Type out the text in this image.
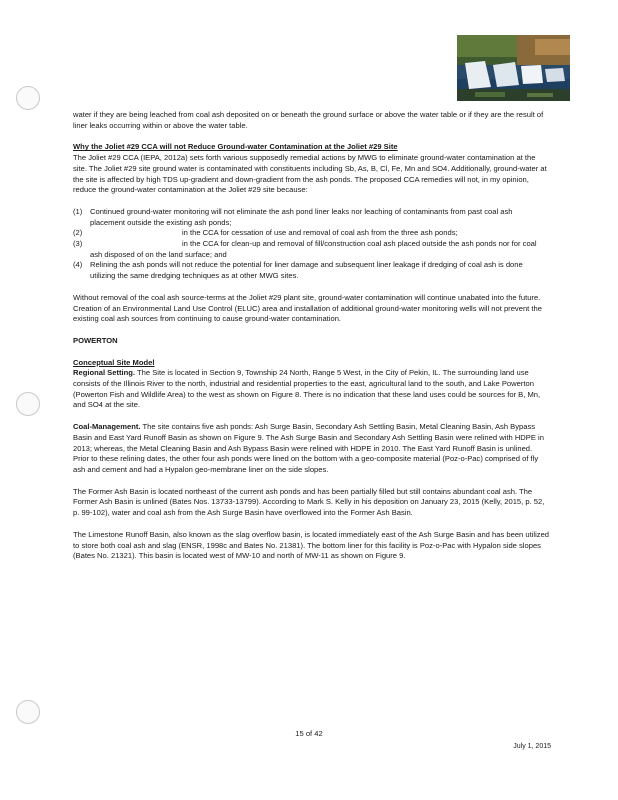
water if they are being leached from coal ash deposited on or beneath the ground surface or above the water table or if they are the result of liner leaks occurring within or above the water table.

Why the Joliet #29 CCA will not Reduce Ground-water Contamination at the Joliet #29 Site

The Joliet #29 CCA (IEPA, 2012a) sets forth various supposedly remedial actions by MWG to eliminate ground-water contamination at the site. The Joliet #29 site ground water is contaminated with constituents including Sb, As, B, Cl, Fe, Mn and SO4. Additionally, ground-water at the site is affected by high TDS up-gradient and down-gradient from the ash ponds. The proposed CCA remedies will not, in my opinion, reduce the ground-water contamination at the Joliet #29 site because:

(1)	Continued ground-water monitoring will not eliminate the ash pond liner leaks nor leaching of contaminants from past coal ash placement outside the existing ash ponds;
(2)	in the CCA for cessation of use and removal of coal ash from the three ash ponds;
(3)	in the CCA for clean-up and removal of fill/construction coal ash placed outside the ash ponds nor for coal ash disposed of on the land surface; and
(4)	Relining the ash ponds will not reduce the potential for liner damage and subsequent liner leakage if dredging of coal ash is done utilizing the same dredging techniques as at other MWG sites.

Without removal of the coal ash source-terms at the Joliet #29 plant site, ground-water contamination will continue unabated into the future. Creation of an Environmental Land Use Control (ELUC) area and installation of additional ground-water monitoring wells will not prevent the existing coal ash sources from continuing to cause ground-water contamination.

POWERTON

Conceptual Site Model

Regional Setting. The Site is located in Section 9, Township 24 North, Range 5 West, in the City of Pekin, IL. The surrounding land use consists of the Illinois River to the north, industrial and residential properties to the east, agricultural land to the south, and Lake Powerton (Powerton Fish and Wildlife Area) to the west as shown on Figure 8. There is no indication that these land uses could be sources for B, Mn, and SO4 at the site.

Coal-Management. The site contains five ash ponds: Ash Surge Basin, Secondary Ash Settling Basin, Metal Cleaning Basin, Ash Bypass Basin and East Yard Runoff Basin as shown on Figure 9. The Ash Surge Basin and Secondary Ash Settling Basin were relined with HDPE in 2013; whereas, the Metal Cleaning Basin and Ash Bypass Basin were relined with HDPE in 2010. The East Yard Runoff Basin is unlined. Prior to these relining dates, the other four ash ponds were lined on the bottom with a geo-composite material (Poz-o-Pac) comprised of fly ash and cement and had a Hypalon geo-membrane liner on the side slopes.

The Former Ash Basin is located northeast of the current ash ponds and has been partially filled but still contains abundant coal ash. The Former Ash Basin is unlined (Bates Nos. 13733-13799). According to Mark S. Kelly in his deposition on January 23, 2015 (Kelly, 2015, p. 52, p. 99-102), water and coal ash from the Ash Surge Basin have overflowed into the Former Ash Basin.

The Limestone Runoff Basin, also known as the slag overflow basin, is located immediately east of the Ash Surge Basin and has been utilized to store both coal ash and slag (ENSR, 1998c and Bates No. 21381). The bottom liner for this facility is Poz-o-Pac with Hypalon side slopes (Bates No. 21321). This basin is located west of MW-10 and north of MW-11 as shown on Figure 9.

15 of 42
July 1, 2015
